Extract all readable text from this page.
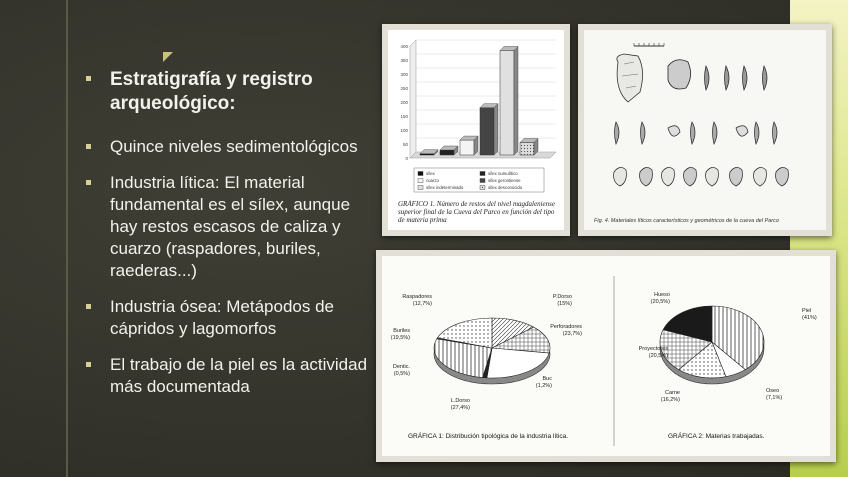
Estratigrafía y registro arqueológico:
Quince niveles sedimentológicos
Industria lítica: El material fundamental es el sílex, aunque hay restos escasos de caliza y cuarzo (raspadores, buriles, raederas...)
Industria ósea: Metápodos de cápridos y lagomorfos
El trabajo de la piel es la actividad más documentada
400
350
300
250
200
150
100
50
0
sílex	sílex numulítico
cuarzo	sílex gerontiense
sílex indeterminado	sílex desconocido
GRÁFICO 1. Número de restos del nivel magdaleniense superior final de la Cueva del Parco en función del tipo de materia prima	Fig. 4. Materiales líticos característicos y geométricos de la cueva del Parco
Raspadores
(12,7%)
P.Dorso
(15%)
Perforadores
(23,7%)
Buc
(1,2%)
L.Dorso
(27,4%)
Dentic.
(0,5%)
Buriles
(19,5%)
GRÁFICA 1: Distribución tipológica de la industria lítica.
Piel
(41%)
Oseo
(7,1%)
Carne
(16,2%)
Proyectores
(20,5%)
Hueso
(20,5%)
GRÁFICA 2: Materias trabajadas.
